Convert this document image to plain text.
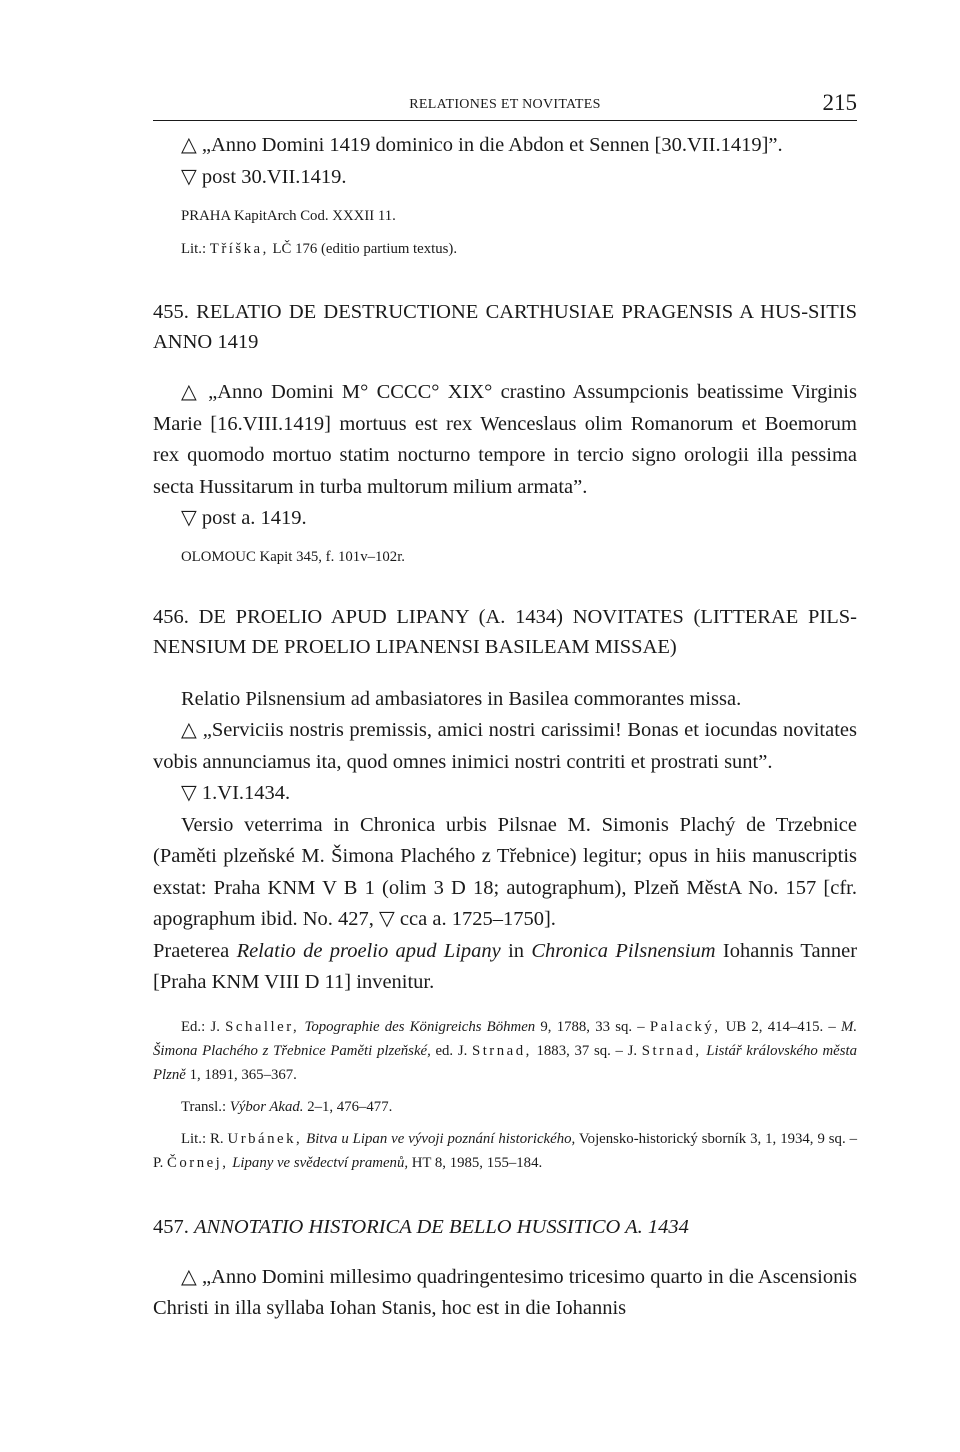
RELATIONES ET NOVITATES	215

△ „Anno Domini 1419 dominico in die Abdon et Sennen [30.VII.1419]”.

▽ post 30.VII.1419.

PRAHA KapitArch Cod. XXXII 11.

Lit.: Tříška, LČ 176 (editio partium textus).

455. RELATIO DE DESTRUCTIONE CARTHUSIAE PRAGENSIS A HUS-SITIS ANNO 1419

△ „Anno Domini M° CCCC° XIX° crastino Assumpcionis beatissime Virginis Marie [16.VIII.1419] mortuus est rex Wenceslaus olim Romanorum et Boemorum rex quomodo mortuo statim nocturno tempore in tercio signo orologii illa pessima secta Hussitarum in turba multorum milium armata”.

▽ post a. 1419.

OLOMOUC Kapit 345, f. 101v–102r.

456. DE PROELIO APUD LIPANY (A. 1434) NOVITATES (LITTERAE PILS-NENSIUM DE PROELIO LIPANENSI BASILEAM MISSAE)

Relatio Pilsnensium ad ambasiatores in Basilea commorantes missa.

△ „Serviciis nostris premissis, amici nostri carissimi! Bonas et iocundas novitates vobis annunciamus ita, quod omnes inimici nostri contriti et prostrati sunt”.

▽ 1.VI.1434.

Versio veterrima in Chronica urbis Pilsnae M. Simonis Plachý de Trzebnice (Paměti plzeňské M. Šimona Plachého z Třebnice) legitur; opus in hiis manuscriptis exstat: Praha KNM V B 1 (olim 3 D 18; autographum), Plzeň MěstA No. 157 [cfr. apographum ibid. No. 427, ▽ cca a. 1725–1750].

Praeterea Relatio de proelio apud Lipany in Chronica Pilsnensium Iohannis Tanner [Praha KNM VIII D 11] invenitur.

Ed.: J. Schaller, Topographie des Königreichs Böhmen 9, 1788, 33 sq. – Palacký, UB 2, 414–415. – M. Šimona Plachého z Třebnice Paměti plzeňské, ed. J. Strnad, 1883, 37 sq. – J. Strnad, Listář královského města Plzně 1, 1891, 365–367.

Transl.: Výbor Akad. 2–1, 476–477.

Lit.: R. Urbánek, Bitva u Lipan ve vývoji poznání historického, Vojensko-historický sborník 3, 1, 1934, 9 sq. – P. Čornej, Lipany ve svědectví pramenů, HT 8, 1985, 155–184.

457. ANNOTATIO HISTORICA DE BELLO HUSSITICO A. 1434

△ „Anno Domini millesimo quadringentesimo tricesimo quarto in die Ascensionis Christi in illa syllaba Iohan Stanis, hoc est in die Iohannis
